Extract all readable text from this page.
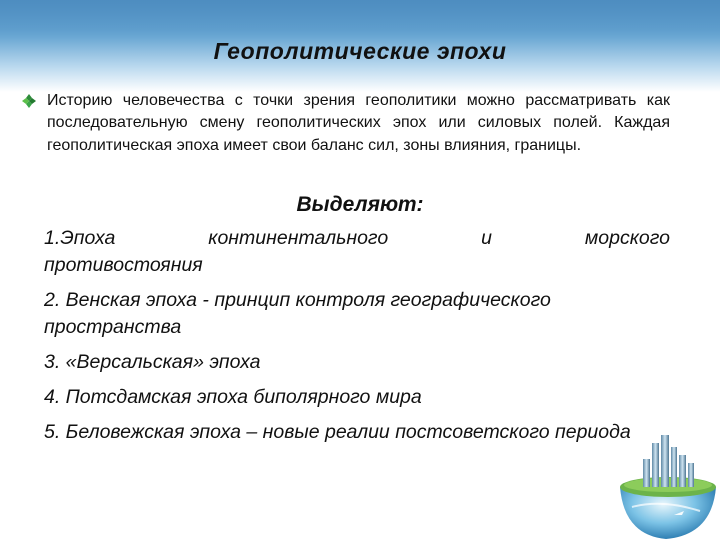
Геополитические эпохи
Историю человечества с точки зрения геополитики можно рассматривать как последовательную смену геополитических эпох или силовых полей. Каждая геополитическая эпоха имеет свои баланс сил, зоны влияния, границы.
Выделяют:
1.Эпоха континентального и морского
противостояния
2. Венская эпоха - принцип контроля географического пространства
3. «Версальская» эпоха
4. Потсдамская эпоха биполярного мира
5. Беловежская эпоха – новые реалии постсоветского периода
